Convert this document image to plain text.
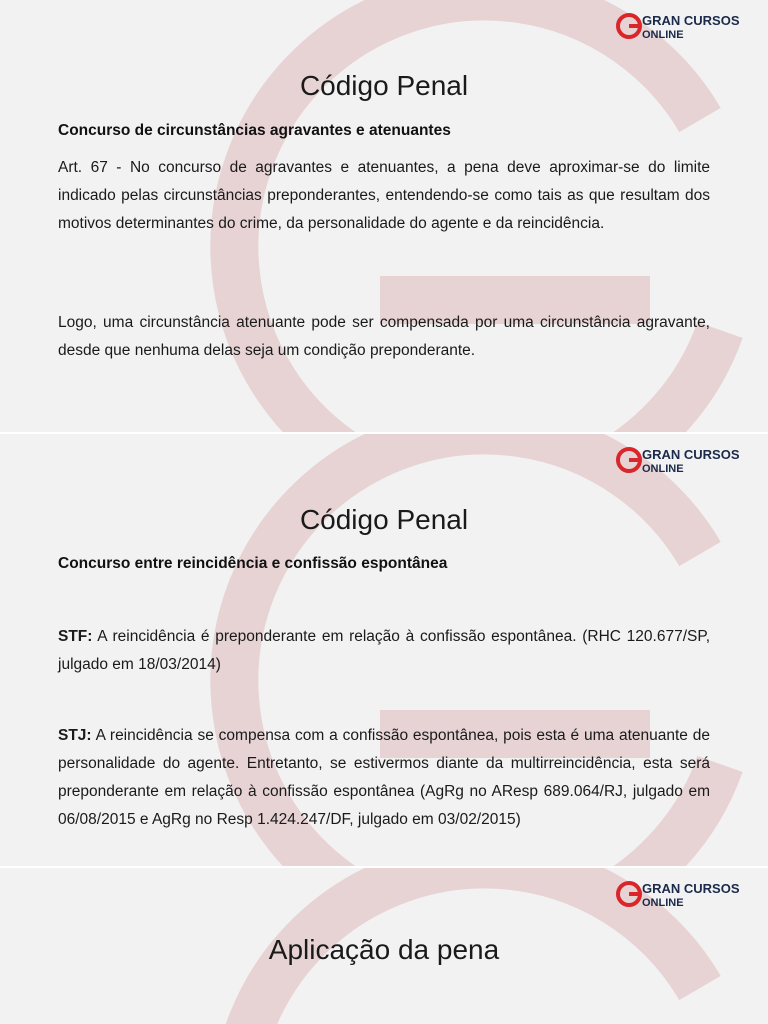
GRAN CURSOS
ONLINE
Código Penal
Concurso de circunstâncias agravantes e atenuantes
Art. 67 - No concurso de agravantes e atenuantes, a pena deve aproximar-se do limite indicado pelas circunstâncias preponderantes, entendendo-se como tais as que resultam dos motivos determinantes do crime, da personalidade do agente e da reincidência.
Logo, uma circunstância atenuante pode ser compensada por uma circunstância agravante, desde que nenhuma delas seja um condição preponderante.
GRAN CURSOS
ONLINE
Código Penal
Concurso entre reincidência e confissão espontânea
STF: A reincidência é preponderante em relação à confissão espontânea. (RHC 120.677/SP, julgado em 18/03/2014)
STJ: A reincidência se compensa com a confissão espontânea, pois esta é uma atenuante de personalidade do agente. Entretanto, se estivermos diante da multirreincidência, esta será preponderante em relação à confissão espontânea (AgRg no AResp 689.064/RJ, julgado em 06/08/2015 e AgRg no Resp 1.424.247/DF, julgado em 03/02/2015)
GRAN CURSOS
ONLINE
Aplicação da pena
